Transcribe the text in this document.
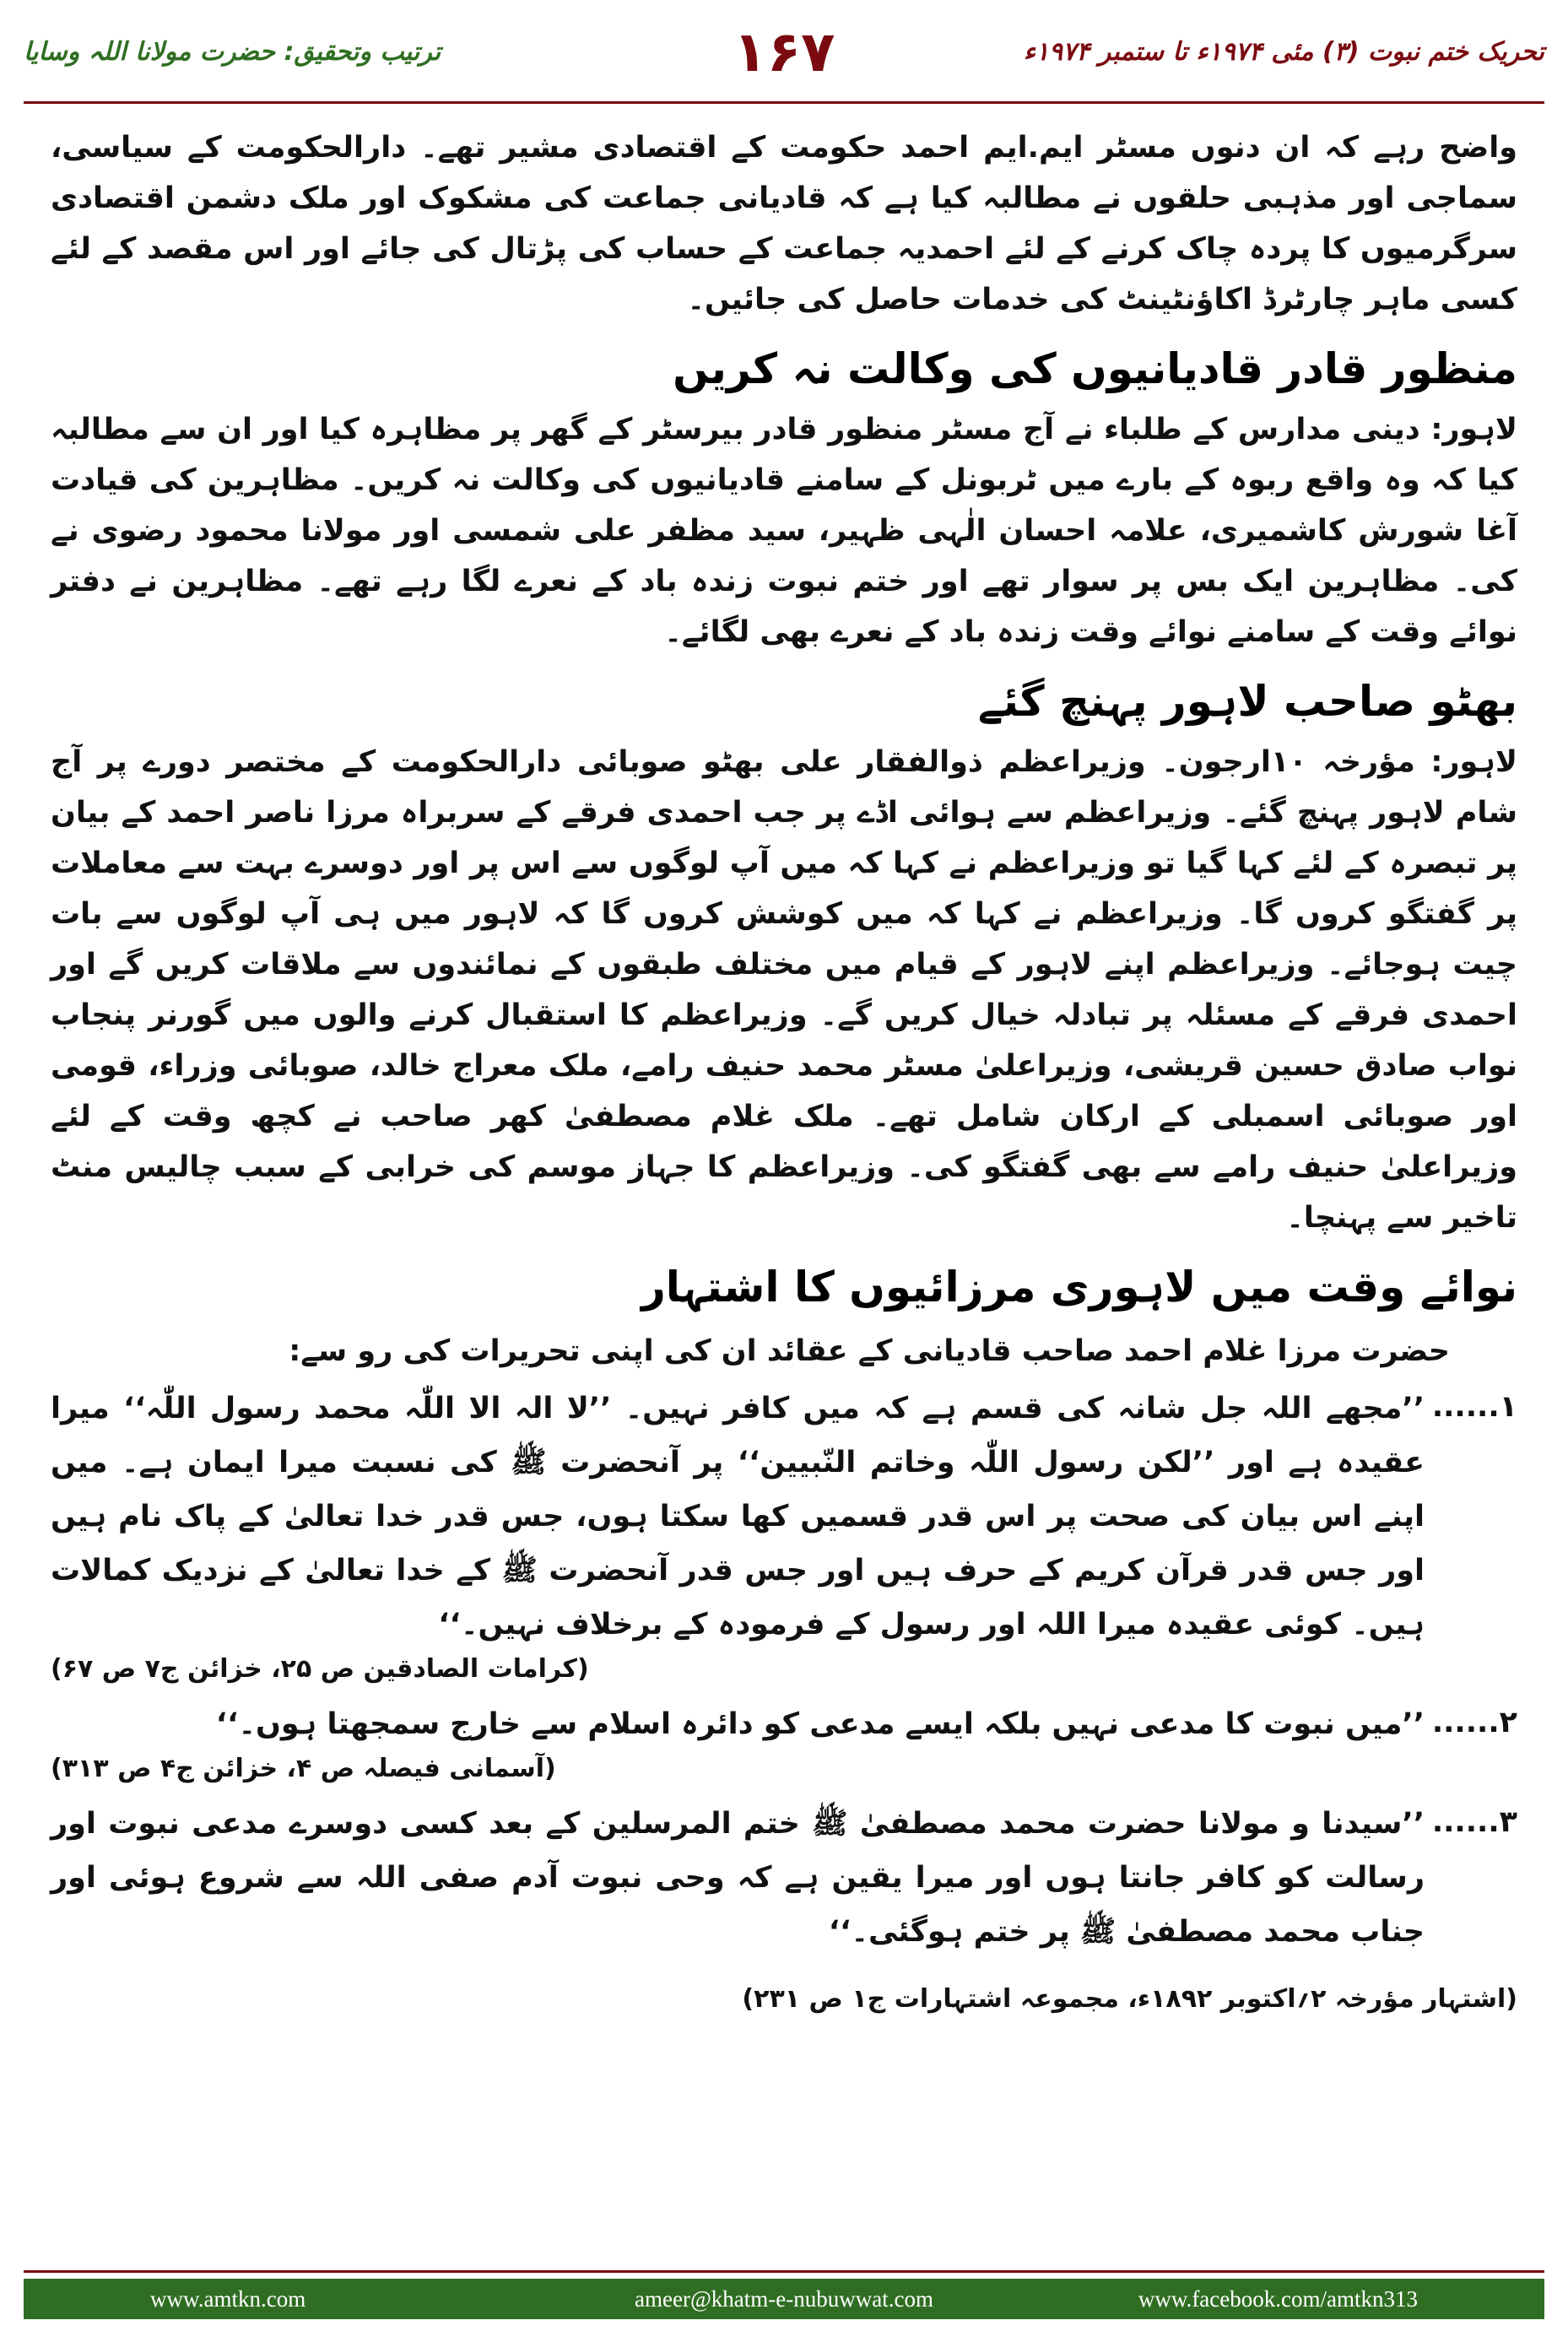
تحریک ختم نبوت (۳) مئی ۱۹۷۴ء تا ستمبر ۱۹۷۴ء
۱۶۷
ترتیب وتحقیق: حضرت مولانا اللہ وسایا

واضح رہے کہ ان دنوں مسٹر ایم.ایم احمد حکومت کے اقتصادی مشیر تھے۔ دارالحکومت کے سیاسی، سماجی اور مذہبی حلقوں نے مطالبہ کیا ہے کہ قادیانی جماعت کی مشکوک اور ملک دشمن اقتصادی سرگرمیوں کا پردہ چاک کرنے کے لئے احمدیہ جماعت کے حساب کی پڑتال کی جائے اور اس مقصد کے لئے کسی ماہر چارٹرڈ اکاؤنٹینٹ کی خدمات حاصل کی جائیں۔

منظور قادر قادیانیوں کی وکالت نہ کریں

لاہور: دینی مدارس کے طلباء نے آج مسٹر منظور قادر بیرسٹر کے گھر پر مظاہرہ کیا اور ان سے مطالبہ کیا کہ وہ واقع ربوہ کے بارے میں ٹربونل کے سامنے قادیانیوں کی وکالت نہ کریں۔ مظاہرین کی قیادت آغا شورش کاشمیری، علامہ احسان الٰہی ظہیر، سید مظفر علی شمسی اور مولانا محمود رضوی نے کی۔ مظاہرین ایک بس پر سوار تھے اور ختم نبوت زندہ باد کے نعرے لگا رہے تھے۔ مظاہرین نے دفتر نوائے وقت کے سامنے نوائے وقت زندہ باد کے نعرے بھی لگائے۔

بھٹو صاحب لاہور پہنچ گئے

لاہور: مؤرخہ ۱۰ارجون۔ وزیراعظم ذوالفقار علی بھٹو صوبائی دارالحکومت کے مختصر دورے پر آج شام لاہور پہنچ گئے۔ وزیراعظم سے ہوائی اڈے پر جب احمدی فرقے کے سربراہ مرزا ناصر احمد کے بیان پر تبصرہ کے لئے کہا گیا تو وزیراعظم نے کہا کہ میں آپ لوگوں سے اس پر اور دوسرے بہت سے معاملات پر گفتگو کروں گا۔ وزیراعظم نے کہا کہ میں کوشش کروں گا کہ لاہور میں ہی آپ لوگوں سے بات چیت ہوجائے۔ وزیراعظم اپنے لاہور کے قیام میں مختلف طبقوں کے نمائندوں سے ملاقات کریں گے اور احمدی فرقے کے مسئلہ پر تبادلہ خیال کریں گے۔ وزیراعظم کا استقبال کرنے والوں میں گورنر پنجاب نواب صادق حسین قریشی، وزیراعلیٰ مسٹر محمد حنیف رامے، ملک معراج خالد، صوبائی وزراء، قومی اور صوبائی اسمبلی کے ارکان شامل تھے۔ ملک غلام مصطفیٰ کھر صاحب نے کچھ وقت کے لئے وزیراعلیٰ حنیف رامے سے بھی گفتگو کی۔ وزیراعظم کا جہاز موسم کی خرابی کے سبب چالیس منٹ تاخیر سے پہنچا۔

نوائے وقت میں لاہوری مرزائیوں کا اشتہار
حضرت مرزا غلام احمد صاحب قادیانی کے عقائد ان کی اپنی تحریرات کی رو سے:
۱......
’’مجھے اللہ جل شانہ کی قسم ہے کہ میں کافر نہیں۔ ’’لا الہ الا اللّٰہ محمد رسول اللّٰہ‘‘ میرا عقیدہ ہے اور ’’لکن رسول اللّٰہ وخاتم النّبیین‘‘ پر آنحضرت ﷺ کی نسبت میرا ایمان ہے۔ میں اپنے اس بیان کی صحت پر اس قدر قسمیں کھا سکتا ہوں، جس قدر خدا تعالیٰ کے پاک نام ہیں اور جس قدر قرآن کریم کے حرف ہیں اور جس قدر آنحضرت ﷺ کے خدا تعالیٰ کے نزدیک کمالات ہیں۔ کوئی عقیدہ میرا اللہ اور رسول کے فرمودہ کے برخلاف نہیں۔‘‘
(کرامات الصادقین ص ۲۵، خزائن ج۷ ص ۶۷)
۲......
’’میں نبوت کا مدعی نہیں بلکہ ایسے مدعی کو دائرہ اسلام سے خارج سمجھتا ہوں۔‘‘
(آسمانی فیصلہ ص ۴، خزائن ج۴ ص ۳۱۳)
۳......
’’سیدنا و مولانا حضرت محمد مصطفیٰ ﷺ ختم المرسلین کے بعد کسی دوسرے مدعی نبوت اور رسالت کو کافر جانتا ہوں اور میرا یقین ہے کہ وحی نبوت آدم صفی اللہ سے شروع ہوئی اور جناب محمد مصطفیٰ ﷺ پر ختم ہوگئی۔‘‘
(اشتہار مؤرخہ ۲؍اکتوبر ۱۸۹۲ء، مجموعہ اشتہارات ج۱ ص ۲۳۱)
www.amtkn.com	ameer@khatm-e-nubuwwat.com	www.facebook.com/amtkn313
